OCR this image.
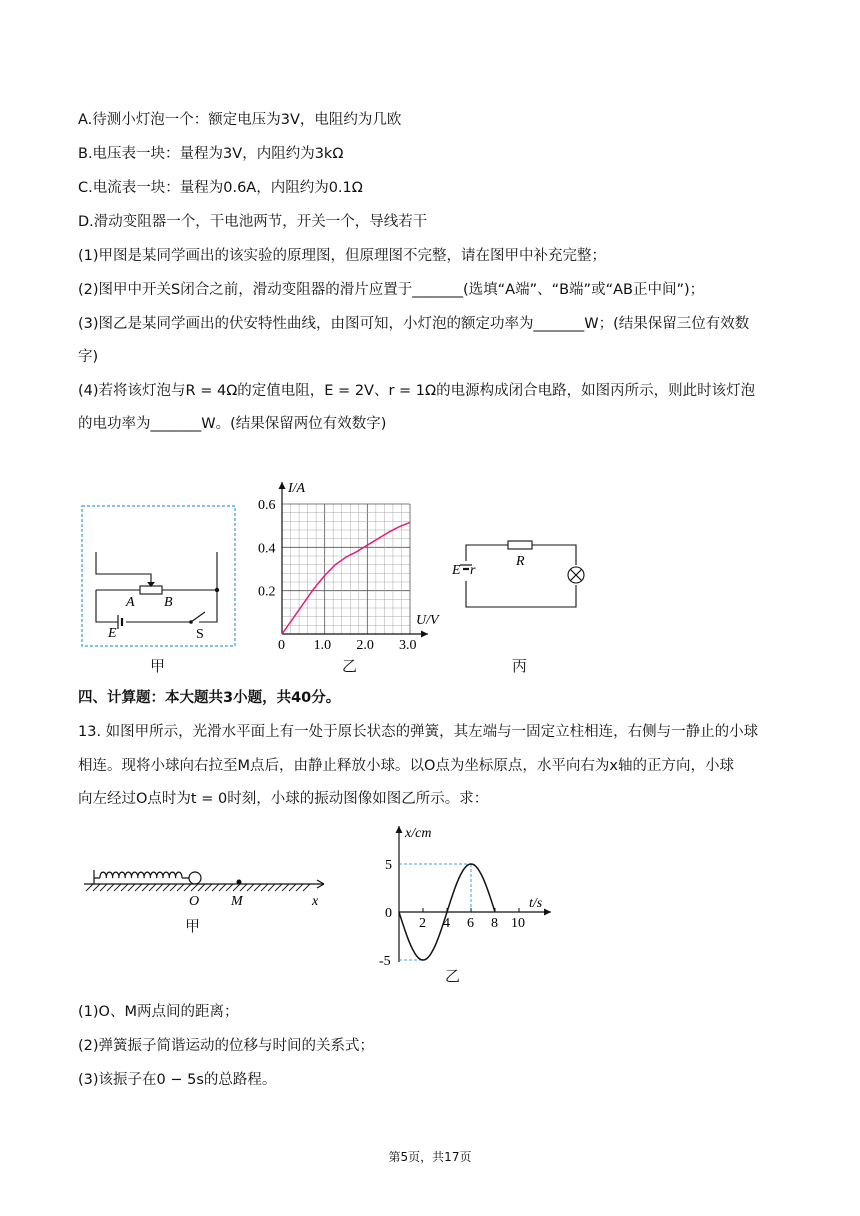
A.待测小灯泡一个：额定电压为3V，电阻约为几欧
B.电压表一块：量程为3V，内阻约为3kΩ
C.电流表一块：量程为0.6A，内阻约为0.1Ω
D.滑动变阻器一个，干电池两节，开关一个，导线若干
(1)甲图是某同学画出的该实验的原理图，但原理图不完整，请在图甲中补充完整；
(2)图甲中开关S闭合之前，滑动变阻器的滑片应置于_______(选填“A端”、“B端”或“AB正中间”)；
(3)图乙是某同学画出的伏安特性曲线，由图可知，小灯泡的额定功率为_______W；(结果保留三位有效数
字)
(4)若将该灯泡与R = 4Ω的定值电阻，E = 2V、r = 1Ω的电源构成闭合电路，如图丙所示，则此时该灯泡
的电功率为_______W。(结果保留两位有效数字)
A B
E	S
甲
0 1.0 2.0 3.0
0.2
0.4
0.6
I/A
U/V
乙
E r
R
丙
四、计算题：本大题共3小题，共40分。
13. 如图甲所示，光滑水平面上有一处于原长状态的弹簧，其左端与一固定立柱相连，右侧与一静止的小球
相连。现将小球向右拉至M点后，由静止释放小球。以O点为坐标原点，水平向右为x轴的正方向，小球
向左经过O点时为t = 0时刻，小球的振动图像如图乙所示。求：
O M	x
甲	2 4 6 8 10
5
0
-5
x/cm
t/s
乙
(1)O、M两点间的距离；
(2)弹簧振子简谐运动的位移与时间的关系式；
(3)该振子在0 − 5s的总路程。
第5页，共17页
